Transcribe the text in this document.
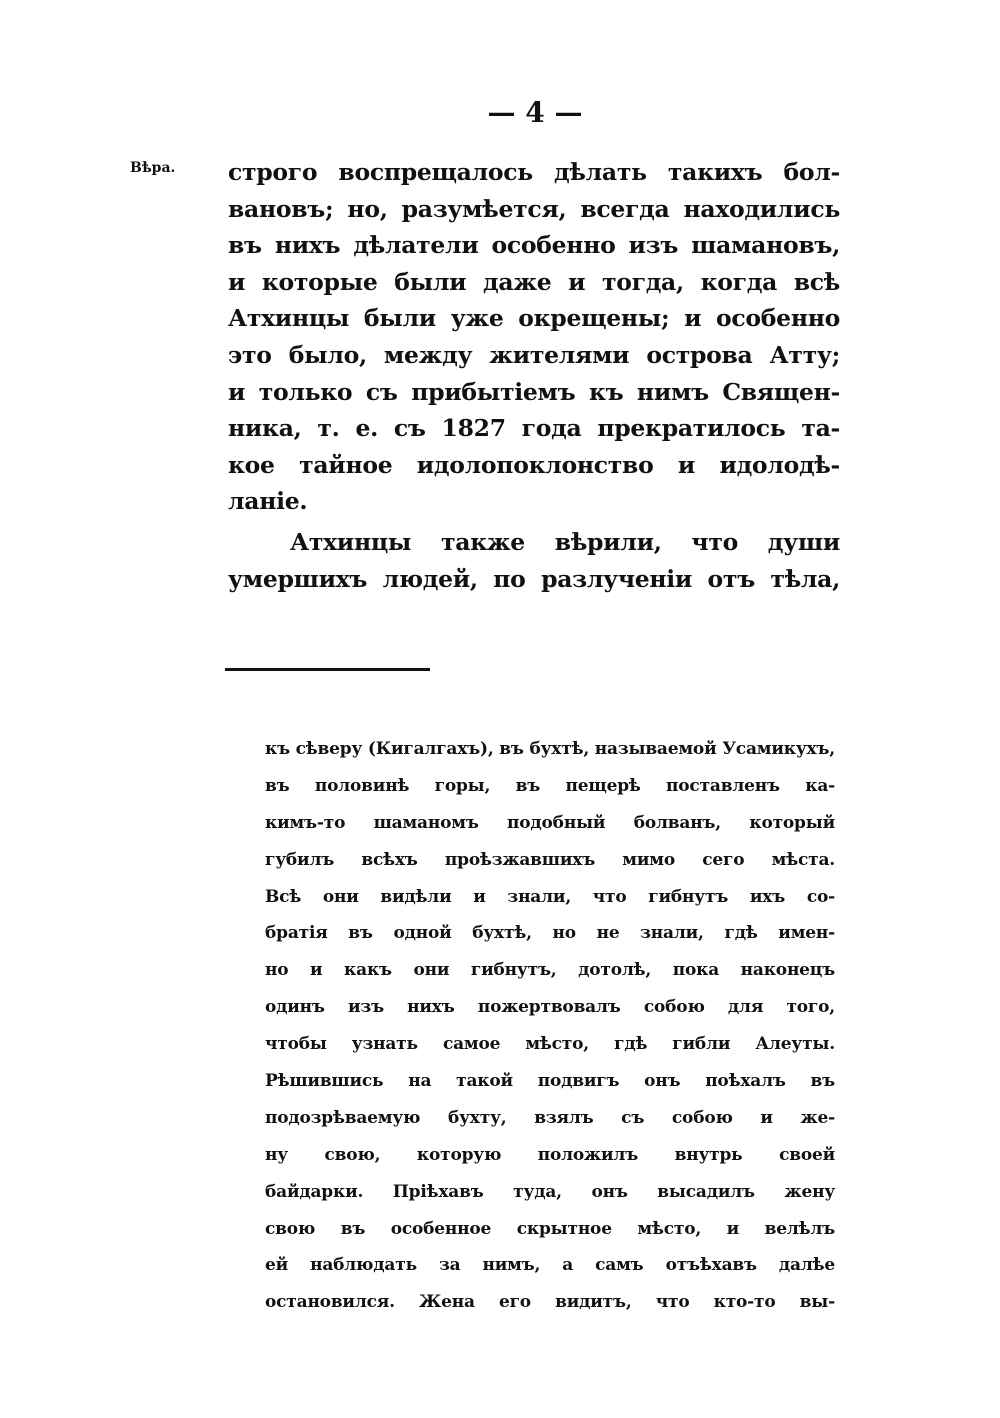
— 4 —
Вѣра. строго воспрещалось дѣлать такихъ бол-
вановъ; но, разумѣется, всегда находились
въ нихъ дѣлатели особенно изъ шамановъ,
и которые были даже и тогда, когда всѣ
Атхинцы были уже окрещены; и особенно
это было, между жителями острова Атту;
и только съ прибытіемъ къ нимъ Священ-
ника, т. е. съ 1827 года прекратилось та-
кое тайное идолопоклонство и идолодѣ-
ланіе.
Атхинцы также вѣрили, что души
умершихъ людей, по разлученіи отъ тѣла,
къ сѣверу (Кигалгахъ), въ бухтѣ, называемой Усамикухъ,
въ половинѣ горы, въ пещерѣ поставленъ ка-
кимъ-то шаманомъ подобный болванъ, который
губилъ всѣхъ проѣзжавшихъ мимо сего мѣста.
Всѣ они видѣли и знали, что гибнутъ ихъ со-
братія въ одной бухтѣ, но не знали, гдѣ имен-
но и какъ они гибнутъ, дотолѣ, пока наконецъ
одинъ изъ нихъ пожертвовалъ собою для того,
чтобы узнать самое мѣсто, гдѣ гибли Алеуты.
Рѣшившись на такой подвигъ онъ поѣхалъ въ
подозрѣваемую бухту, взялъ съ собою и же-
ну свою, которую положилъ внутрь своей
байдарки. Пріѣхавъ туда, онъ высадилъ жену
свою въ особенное скрытное мѣсто, и велѣлъ
ей наблюдать за нимъ, а самъ отъѣхавъ далѣе
остановился. Жена его видитъ, что кто-то вы-
